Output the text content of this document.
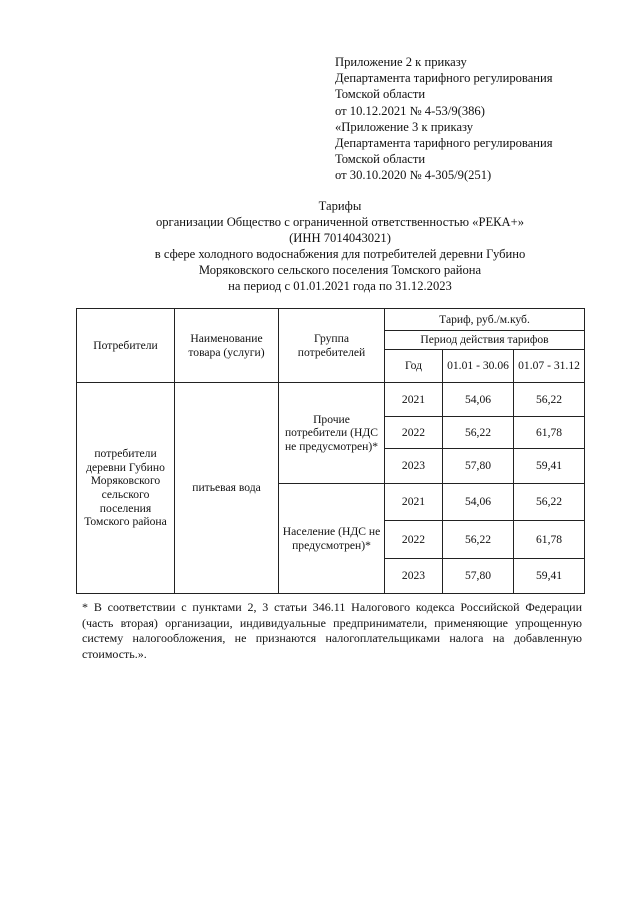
Приложение 2 к приказу
Департамента тарифного регулирования
Томской области
от 10.12.2021 № 4-53/9(386)
«Приложение 3 к приказу
Департамента тарифного регулирования
Томской области
от 30.10.2020 № 4-305/9(251)
Тарифы
организации Общество с ограниченной ответственностью «РЕКА+»
(ИНН 7014043021)
в сфере холодного водоснабжения для потребителей деревни Губино
Моряковского сельского поселения Томского района
на период с 01.01.2021 года по 31.12.2023
Потребители	Наименование товара (услуги)	Группа потребителей	Тариф, руб./м.куб.		
			Период действия тарифов		
			Год	01.01 - 30.06	01.07 - 31.12
потребители деревни Губино Моряковского сельского поселения Томского района	питьевая вода	Прочие потребители (НДС не предусмотрен)*	2021	54,06	56,22
			2022	56,22	61,78
			2023	57,80	59,41
		Население (НДС не предусмотрен)*	2021	54,06	56,22
			2022	56,22	61,78
			2023	57,80	59,41
* В соответствии с пунктами 2, 3 статьи 346.11 Налогового кодекса Российской Федерации (часть вторая) организации, индивидуальные предприниматели, применяющие упрощенную систему налогообложения, не признаются налогоплательщиками налога на добавленную стоимость.».
